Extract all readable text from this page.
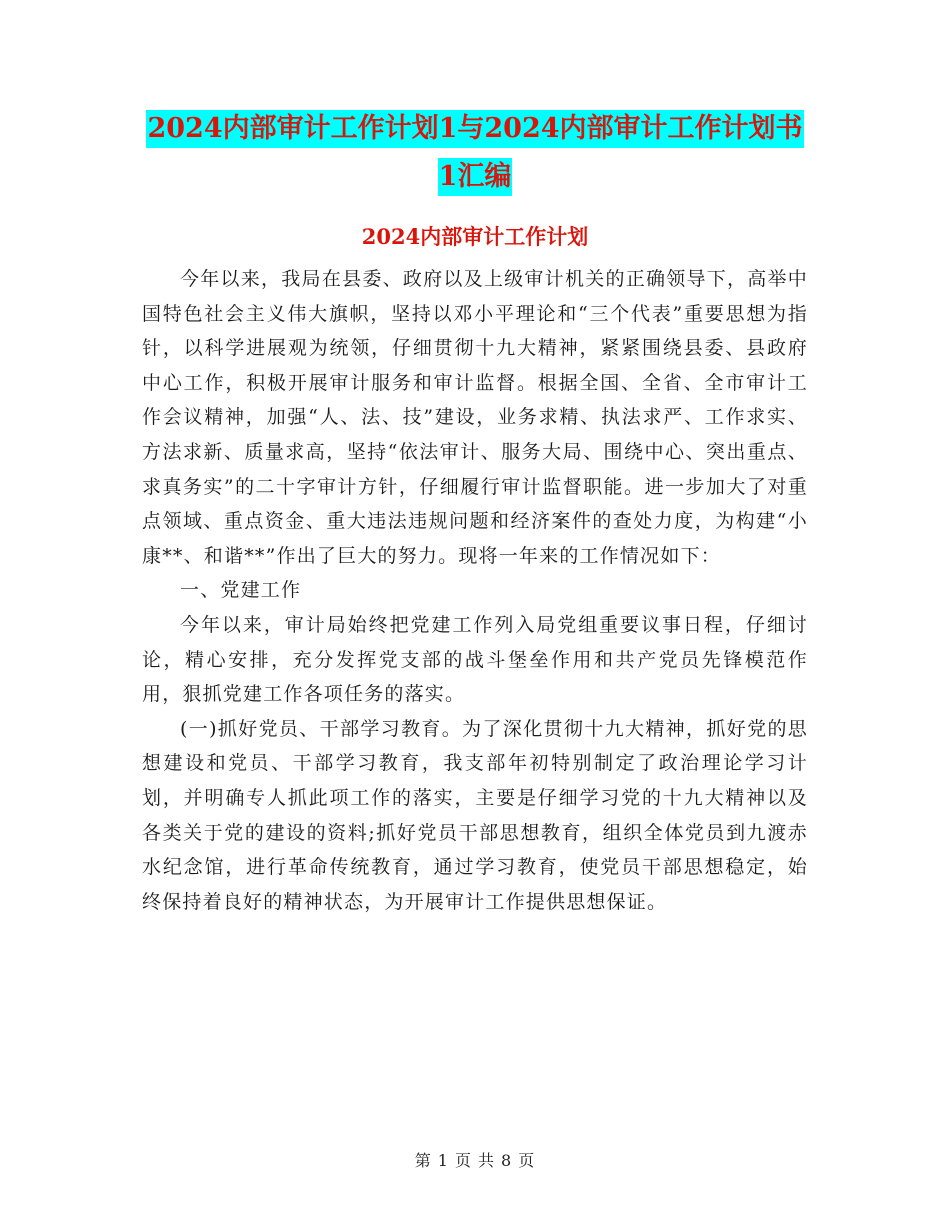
2024内部审计工作计划1与2024内部审计工作计划书
1汇编
2024内部审计工作计划

今年以来，我局在县委、政府以及上级审计机关的正确领导下，高举中国特色社会主义伟大旗帜，坚持以邓小平理论和“三个代表”重要思想为指针，以科学进展观为统领，仔细贯彻十九大精神，紧紧围绕县委、县政府中心工作，积极开展审计服务和审计监督。根据全国、全省、全市审计工作会议精神，加强“人、法、技”建设，业务求精、执法求严、工作求实、方法求新、质量求高，坚持“依法审计、服务大局、围绕中心、突出重点、求真务实”的二十字审计方针，仔细履行审计监督职能。进一步加大了对重点领域、重点资金、重大违法违规问题和经济案件的查处力度，为构建“小康**、和谐**”作出了巨大的努力。现将一年来的工作情况如下：

一、党建工作

今年以来，审计局始终把党建工作列入局党组重要议事日程，仔细讨论，精心安排，充分发挥党支部的战斗堡垒作用和共产党员先锋模范作用，狠抓党建工作各项任务的落实。

(一)抓好党员、干部学习教育。为了深化贯彻十九大精神，抓好党的思想建设和党员、干部学习教育，我支部年初特别制定了政治理论学习计划，并明确专人抓此项工作的落实，主要是仔细学习党的十九大精神以及各类关于党的建设的资料;抓好党员干部思想教育，组织全体党员到九渡赤水纪念馆，进行革命传统教育，通过学习教育，使党员干部思想稳定，始终保持着良好的精神状态，为开展审计工作提供思想保证。

第 1 页 共 8 页
